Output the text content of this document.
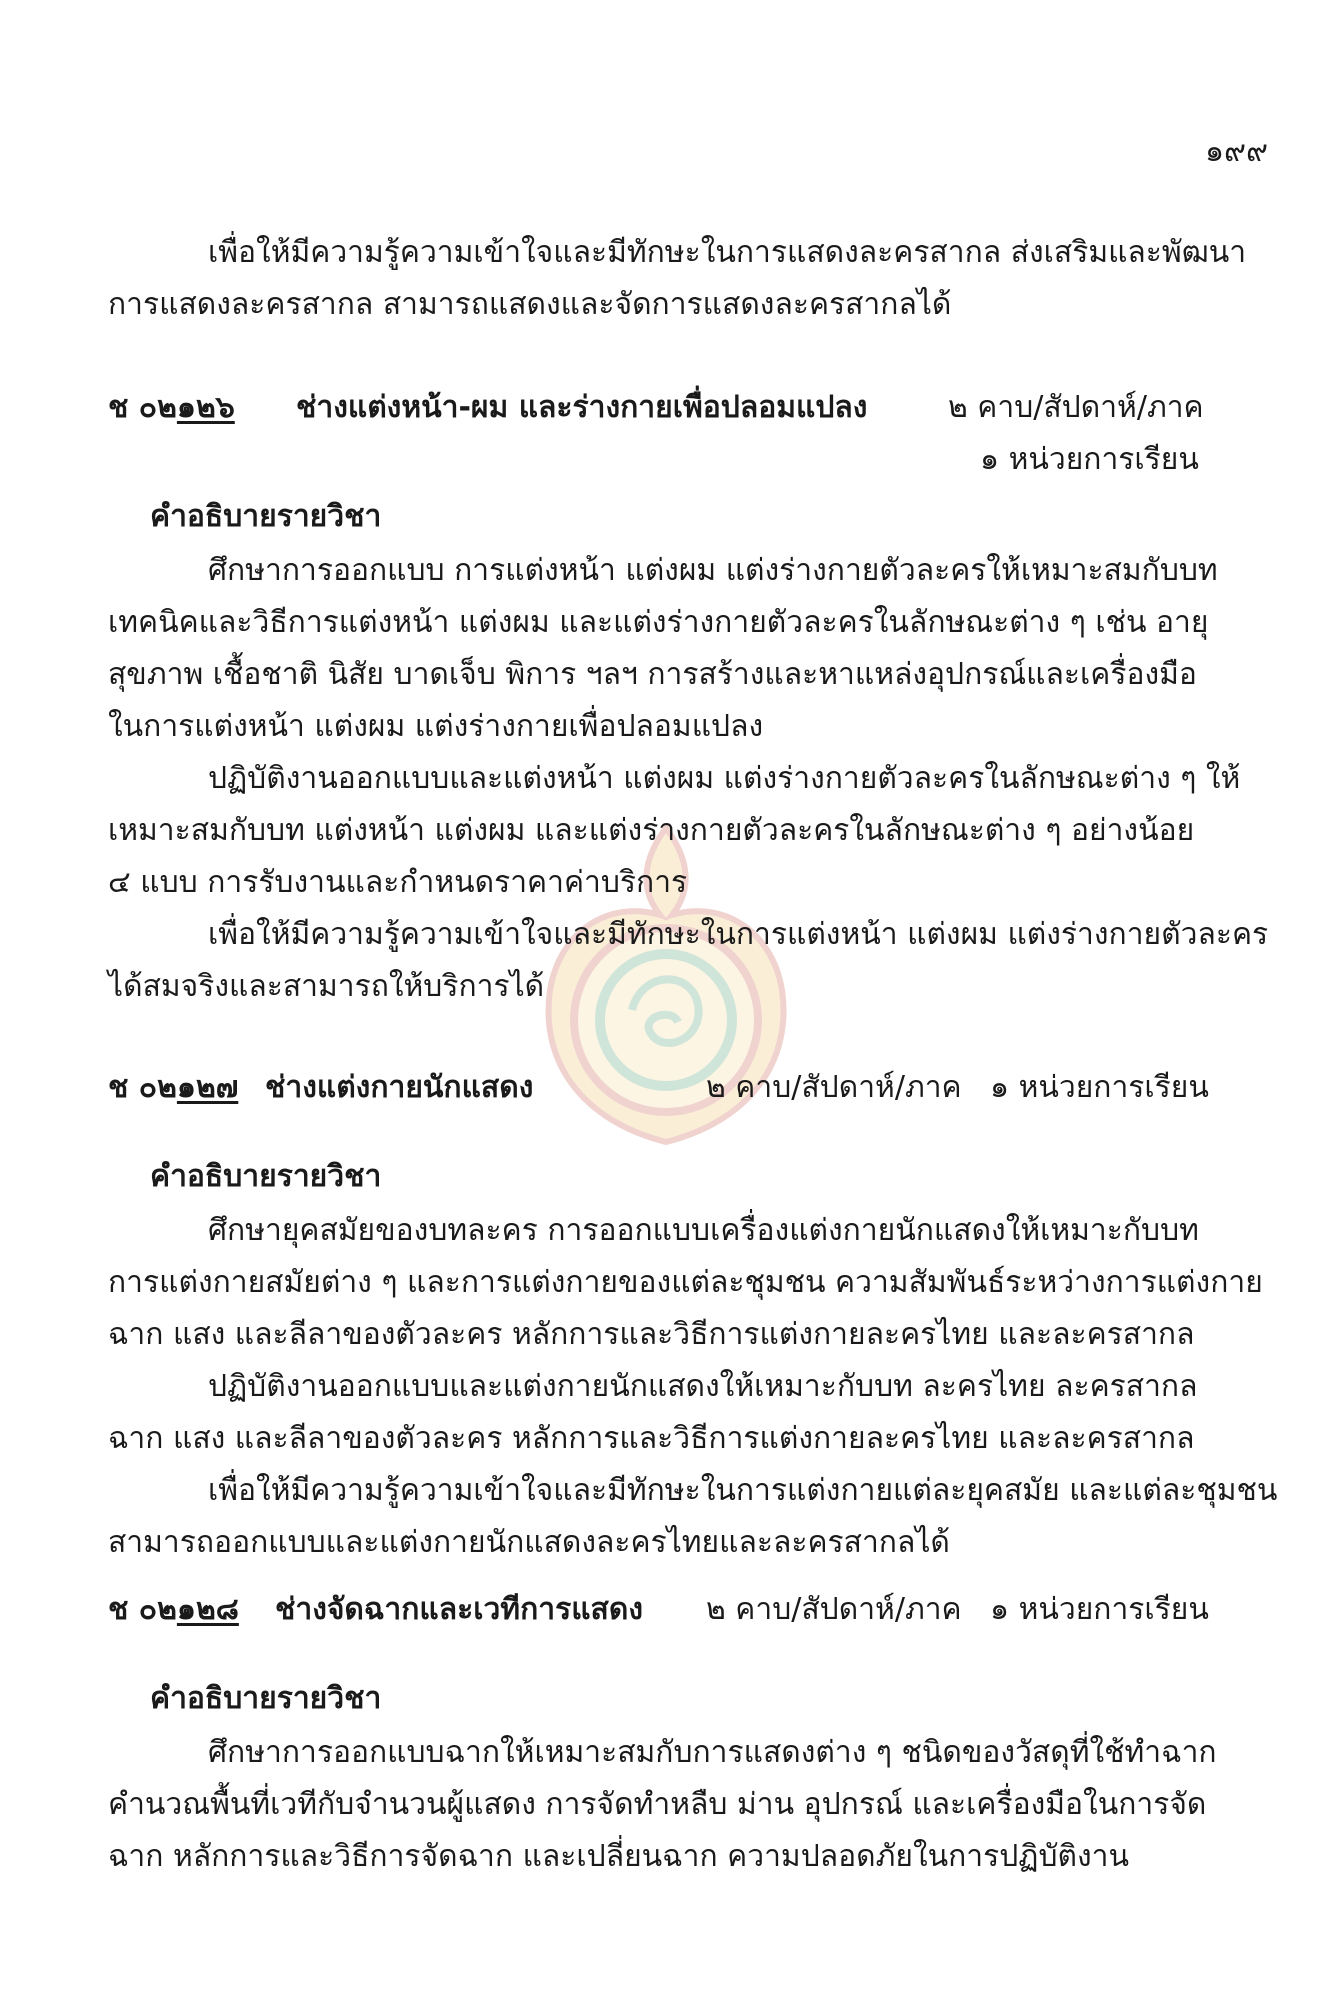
๑๙๙
เพื่อให้มีความรู้ความเข้าใจและมีทักษะในการแสดงละครสากล ส่งเสริมและพัฒนา
การแสดงละครสากล สามารถแสดงและจัดการแสดงละครสากลได้
ช ๐๒๑๒๖ ช่างแต่งหน้า-ผม และร่างกายเพื่อปลอมแปลง	๒ คาบ/สัปดาห์/ภาค
๑ หน่วยการเรียน
คำอธิบายรายวิชา
ศึกษาการออกแบบ การแต่งหน้า แต่งผม แต่งร่างกายตัวละครให้เหมาะสมกับบท
เทคนิคและวิธีการแต่งหน้า แต่งผม และแต่งร่างกายตัวละครในลักษณะต่าง ๆ เช่น อายุ
สุขภาพ เชื้อชาติ นิสัย บาดเจ็บ พิการ ฯลฯ การสร้างและหาแหล่งอุปกรณ์และเครื่องมือ
ในการแต่งหน้า แต่งผม แต่งร่างกายเพื่อปลอมแปลง
ปฏิบัติงานออกแบบและแต่งหน้า แต่งผม แต่งร่างกายตัวละครในลักษณะต่าง ๆ ให้
เหมาะสมกับบท แต่งหน้า แต่งผม และแต่งร่างกายตัวละครในลักษณะต่าง ๆ อย่างน้อย
๔ แบบ การรับงานและกำหนดราคาค่าบริการ
เพื่อให้มีความรู้ความเข้าใจและมีทักษะในการแต่งหน้า แต่งผม แต่งร่างกายตัวละคร
ได้สมจริงและสามารถให้บริการได้
ช ๐๒๑๒๗ ช่างแต่งกายนักแสดง	๒ คาบ/สัปดาห์/ภาค ๑ หน่วยการเรียน
คำอธิบายรายวิชา
ศึกษายุคสมัยของบทละคร การออกแบบเครื่องแต่งกายนักแสดงให้เหมาะกับบท
การแต่งกายสมัยต่าง ๆ และการแต่งกายของแต่ละชุมชน ความสัมพันธ์ระหว่างการแต่งกาย
ฉาก แสง และลีลาของตัวละคร หลักการและวิธีการแต่งกายละครไทย และละครสากล
ปฏิบัติงานออกแบบและแต่งกายนักแสดงให้เหมาะกับบท ละครไทย ละครสากล
ฉาก แสง และลีลาของตัวละคร หลักการและวิธีการแต่งกายละครไทย และละครสากล
เพื่อให้มีความรู้ความเข้าใจและมีทักษะในการแต่งกายแต่ละยุคสมัย และแต่ละชุมชน
สามารถออกแบบและแต่งกายนักแสดงละครไทยและละครสากลได้
ช ๐๒๑๒๘ ช่างจัดฉากและเวทีการแสดง ๒ คาบ/สัปดาห์/ภาค ๑ หน่วยการเรียน
คำอธิบายรายวิชา
ศึกษาการออกแบบฉากให้เหมาะสมกับการแสดงต่าง ๆ ชนิดของวัสดุที่ใช้ทำฉาก
คำนวณพื้นที่เวทีกับจำนวนผู้แสดง การจัดทำหลืบ ม่าน อุปกรณ์ และเครื่องมือในการจัด
ฉาก หลักการและวิธีการจัดฉาก และเปลี่ยนฉาก ความปลอดภัยในการปฏิบัติงาน
